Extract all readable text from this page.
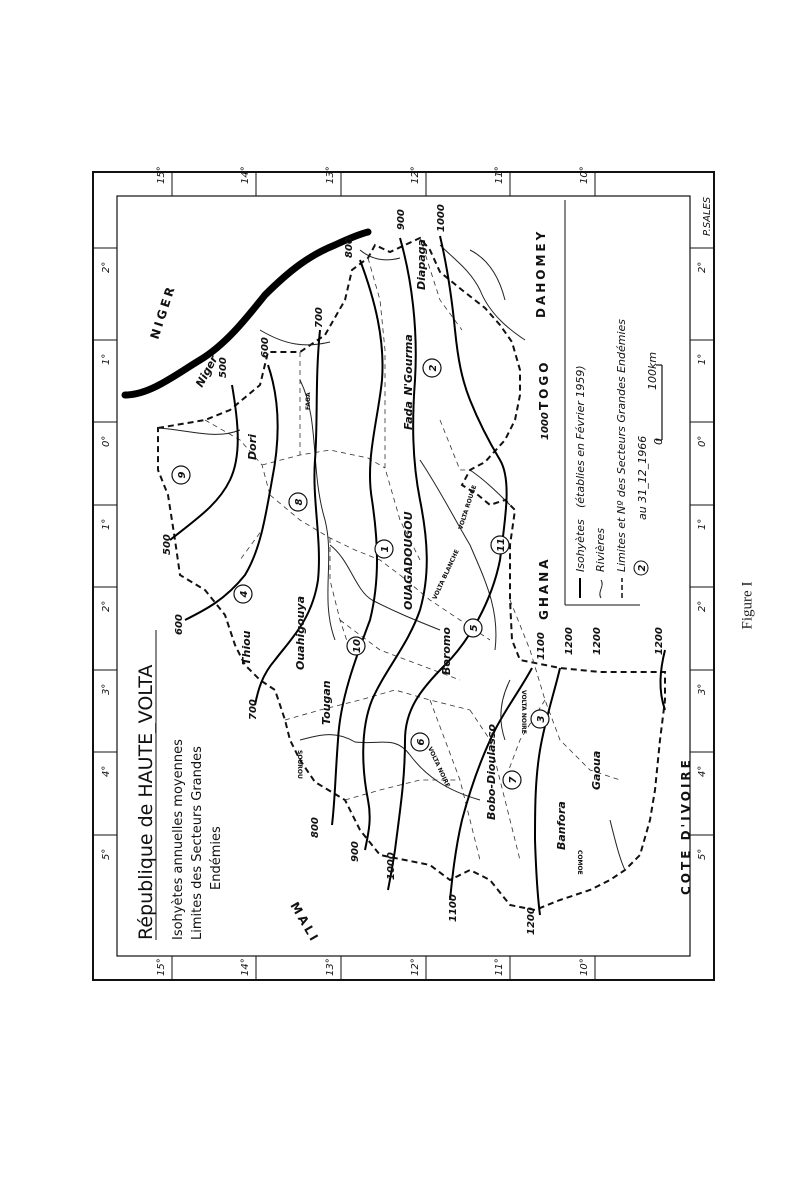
15°	14°	13°	12°	11°	10°
15°	14°	13°	12°	11°	10°
5°
4°
3°
2°
1°
0°
1°
2°
5°
4°
3°
2°
1°
0°
1°
2°
République de HAUTE_VOLTA Isohyètes annuelles moyennes Limites des Secteurs Grandes Endémies
1
2
3
4
5
6
7
8
9
10
11
NIGER
MALI
DAHOMEY
TOGO
GHANA
COTE D'IVOIRE
Dori
Thiou	Ouahigouya
Tougan
OUAGADOUGOU
Fada_N'Gourma
Diapaga
Boromo
Bobo-Dioulasso
Banfora
Gaoua
Niger
FAGA
SOUROU	VOLTA NOIRE
VOLTA NOIRE
VOLTA ROUGE
VOLTA BLANCHE
COMOE
500
500
600
600
700
700
800
800
900
900
1000
1000
1000
1100
1100
1200 1200	1200
1200
Isohyètes
(établies en Février 1959)
Rivières Limites et Nº des Secteurs Grandes Endémies 2
au 31_12_1966 0
100km
P.SALES
Figure I
